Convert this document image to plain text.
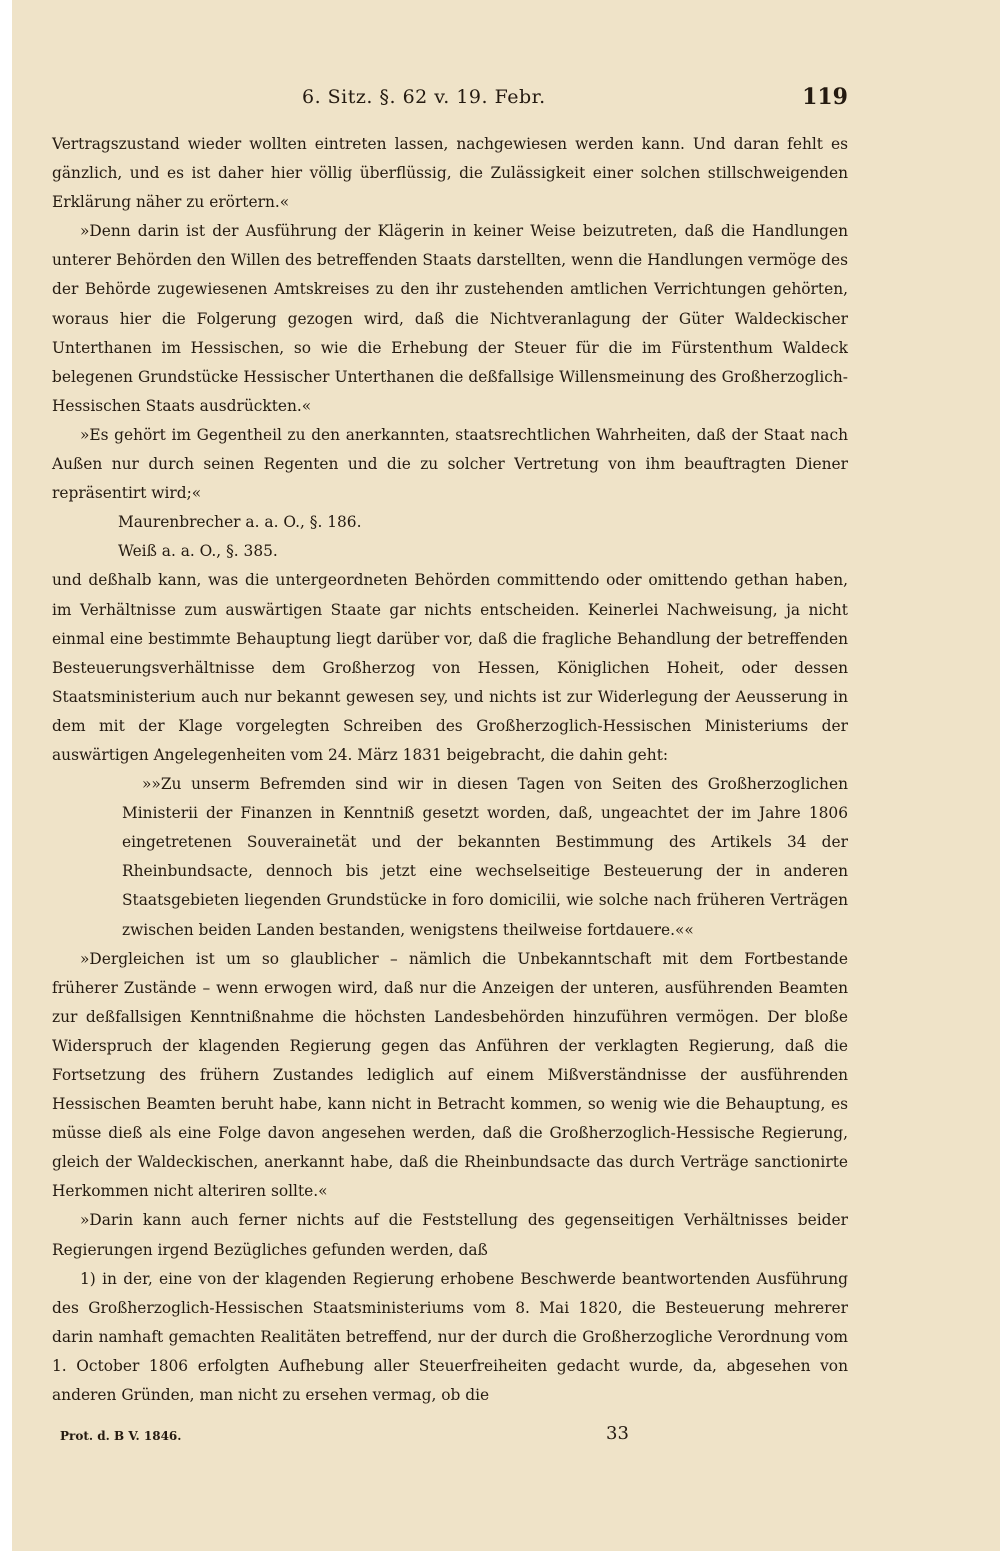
6. Sitz. §. 62 v. 19. Febr.	119

Vertragszustand wieder wollten eintreten lassen, nachgewiesen werden kann. Und daran fehlt es gänzlich, und es ist daher hier völlig überflüssig, die Zulässigkeit einer solchen stillschweigenden Erklärung näher zu erörtern.«

»Denn darin ist der Ausführung der Klägerin in keiner Weise beizutreten, daß die Handlungen unterer Behörden den Willen des betreffenden Staats darstellten, wenn die Handlungen vermöge des der Behörde zugewiesenen Amtskreises zu den ihr zustehenden amtlichen Verrichtungen gehörten, woraus hier die Folgerung gezogen wird, daß die Nichtveranlagung der Güter Waldeckischer Unterthanen im Hessischen, so wie die Erhebung der Steuer für die im Fürstenthum Waldeck belegenen Grundstücke Hessischer Unterthanen die deßfallsige Willensmeinung des Großherzoglich-Hessischen Staats ausdrückten.«

»Es gehört im Gegentheil zu den anerkannten, staatsrechtlichen Wahrheiten, daß der Staat nach Außen nur durch seinen Regenten und die zu solcher Vertretung von ihm beauftragten Diener repräsentirt wird;«

Maurenbrecher a. a. O., §. 186.

Weiß a. a. O., §. 385.

und deßhalb kann, was die untergeordneten Behörden committendo oder omittendo gethan haben, im Verhältnisse zum auswärtigen Staate gar nichts entscheiden. Keinerlei Nachweisung, ja nicht einmal eine bestimmte Behauptung liegt darüber vor, daß die fragliche Behandlung der betreffenden Besteuerungsverhältnisse dem Großherzog von Hessen, Königlichen Hoheit, oder dessen Staatsministerium auch nur bekannt gewesen sey, und nichts ist zur Widerlegung der Aeusserung in dem mit der Klage vorgelegten Schreiben des Großherzoglich-Hessischen Ministeriums der auswärtigen Angelegenheiten vom 24. März 1831 beigebracht, die dahin geht:

»»Zu unserm Befremden sind wir in diesen Tagen von Seiten des Großherzoglichen Ministerii der Finanzen in Kenntniß gesetzt worden, daß, ungeachtet der im Jahre 1806 eingetretenen Souverainetät und der bekannten Bestimmung des Artikels 34 der Rheinbundsacte, dennoch bis jetzt eine wechselseitige Besteuerung der in anderen Staatsgebieten liegenden Grundstücke in foro domicilii, wie solche nach früheren Verträgen zwischen beiden Landen bestanden, wenigstens theilweise fortdauere.««

»Dergleichen ist um so glaublicher – nämlich die Unbekanntschaft mit dem Fortbestande früherer Zustände – wenn erwogen wird, daß nur die Anzeigen der unteren, ausführenden Beamten zur deßfallsigen Kenntnißnahme die höchsten Landesbehörden hinzuführen vermögen. Der bloße Widerspruch der klagenden Regierung gegen das Anführen der verklagten Regierung, daß die Fortsetzung des frühern Zustandes lediglich auf einem Mißverständnisse der ausführenden Hessischen Beamten beruht habe, kann nicht in Betracht kommen, so wenig wie die Behauptung, es müsse dieß als eine Folge davon angesehen werden, daß die Großherzoglich-Hessische Regierung, gleich der Waldeckischen, anerkannt habe, daß die Rheinbundsacte das durch Verträge sanctionirte Herkommen nicht alteriren sollte.«

»Darin kann auch ferner nichts auf die Feststellung des gegenseitigen Verhältnisses beider Regierungen irgend Bezügliches gefunden werden, daß

1) in der, eine von der klagenden Regierung erhobene Beschwerde beantwortenden Ausführung des Großherzoglich-Hessischen Staatsministeriums vom 8. Mai 1820, die Besteuerung mehrerer darin namhaft gemachten Realitäten betreffend, nur der durch die Großherzogliche Verordnung vom 1. October 1806 erfolgten Aufhebung aller Steuerfreiheiten gedacht wurde, da, abgesehen von anderen Gründen, man nicht zu ersehen vermag, ob die

Prot. d. B V. 1846.	33
